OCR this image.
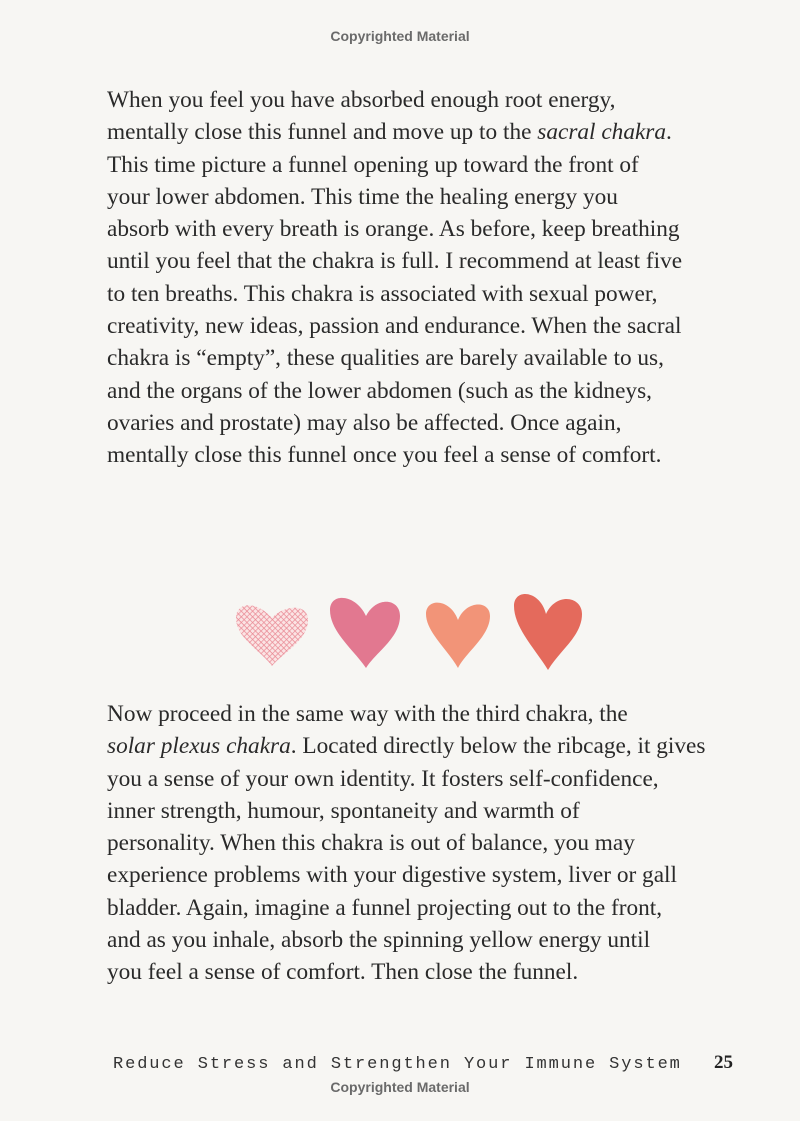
Copyrighted Material
When you feel you have absorbed enough root energy,
mentally close this funnel and move up to the sacral chakra.
This time picture a funnel opening up toward the front of
your lower abdomen. This time the healing energy you
absorb with every breath is orange. As before, keep breathing
until you feel that the chakra is full. I recommend at least five
to ten breaths. This chakra is associated with sexual power,
creativity, new ideas, passion and endurance. When the sacral
chakra is “empty”, these qualities are barely available to us,
and the organs of the lower abdomen (such as the kidneys,
ovaries and prostate) may also be affected. Once again,
mentally close this funnel once you feel a sense of comfort.
Now proceed in the same way with the third chakra, the
solar plexus chakra. Located directly below the ribcage, it gives
you a sense of your own identity. It fosters self-confidence,
inner strength, humour, spontaneity and warmth of
personality. When this chakra is out of balance, you may
experience problems with your digestive system, liver or gall
bladder. Again, imagine a funnel projecting out to the front,
and as you inhale, absorb the spinning yellow energy until
you feel a sense of comfort. Then close the funnel.
Reduce Stress and Strengthen Your Immune System 25
Copyrighted Material
